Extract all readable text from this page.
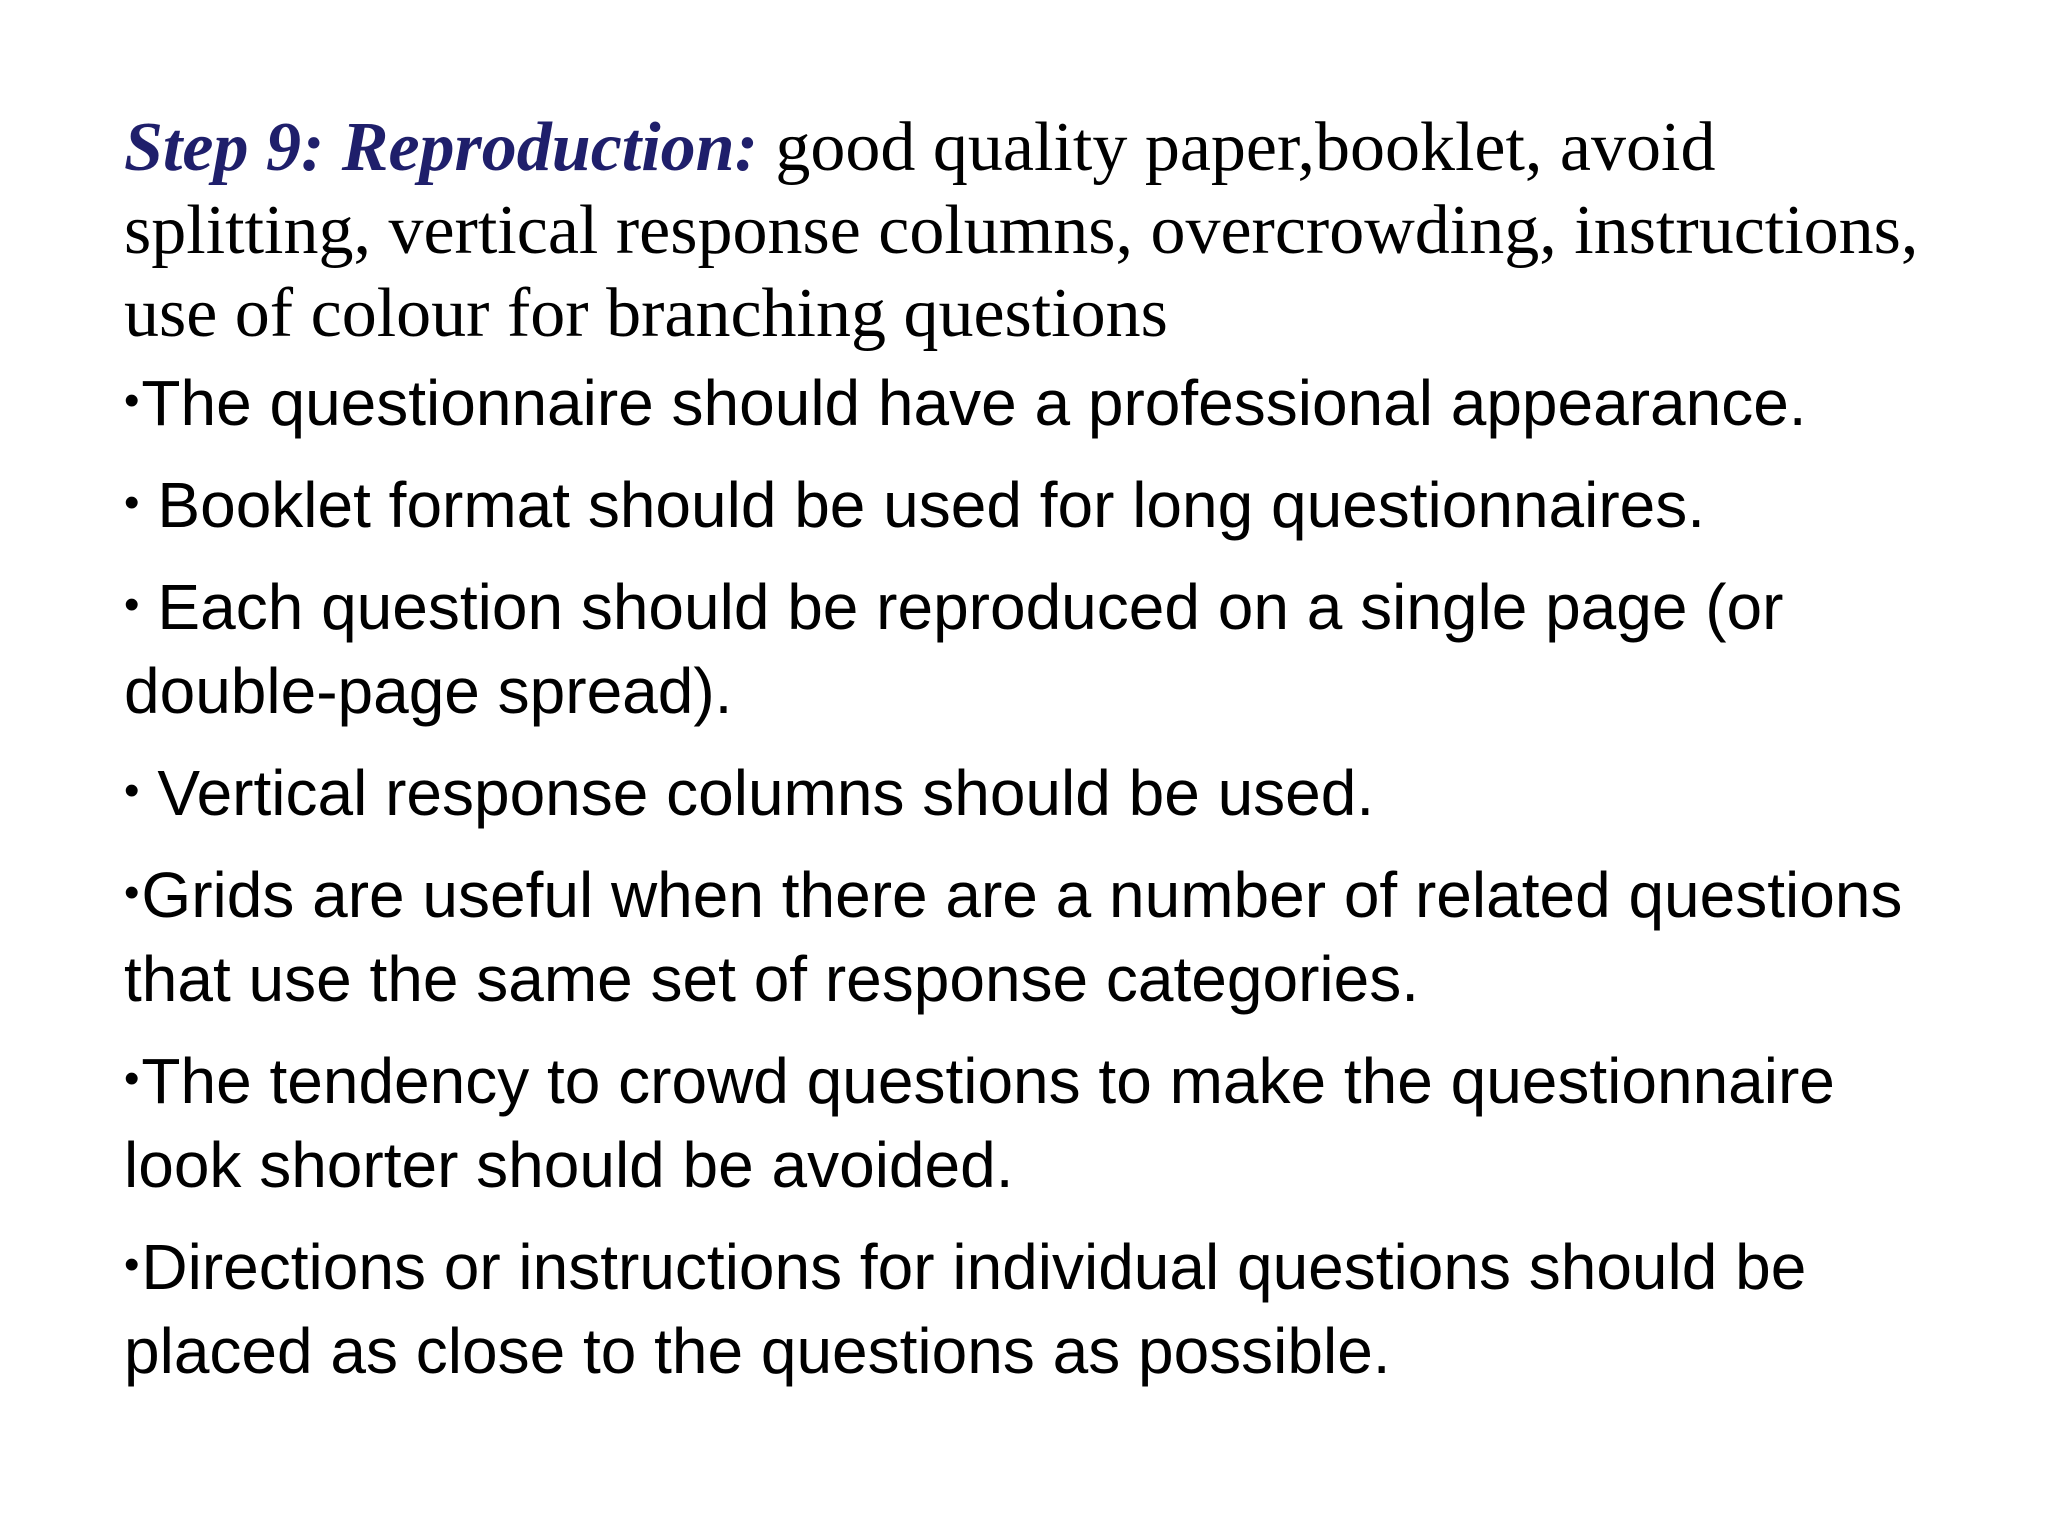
Step 9: Reproduction: good quality paper,booklet, avoid splitting, vertical response columns, overcrowding, instructions, use of colour for branching questions

•The questionnaire should have a professional appearance.
• Booklet format should be used for long questionnaires.
• Each question should be reproduced on a single page (or double-page spread).
• Vertical response columns should be used.
•Grids are useful when there are a number of related questions that use the same set of response categories.
•The tendency to crowd questions to make the questionnaire look shorter should be avoided.
•Directions or instructions for individual questions should be placed as close to the questions as possible.
